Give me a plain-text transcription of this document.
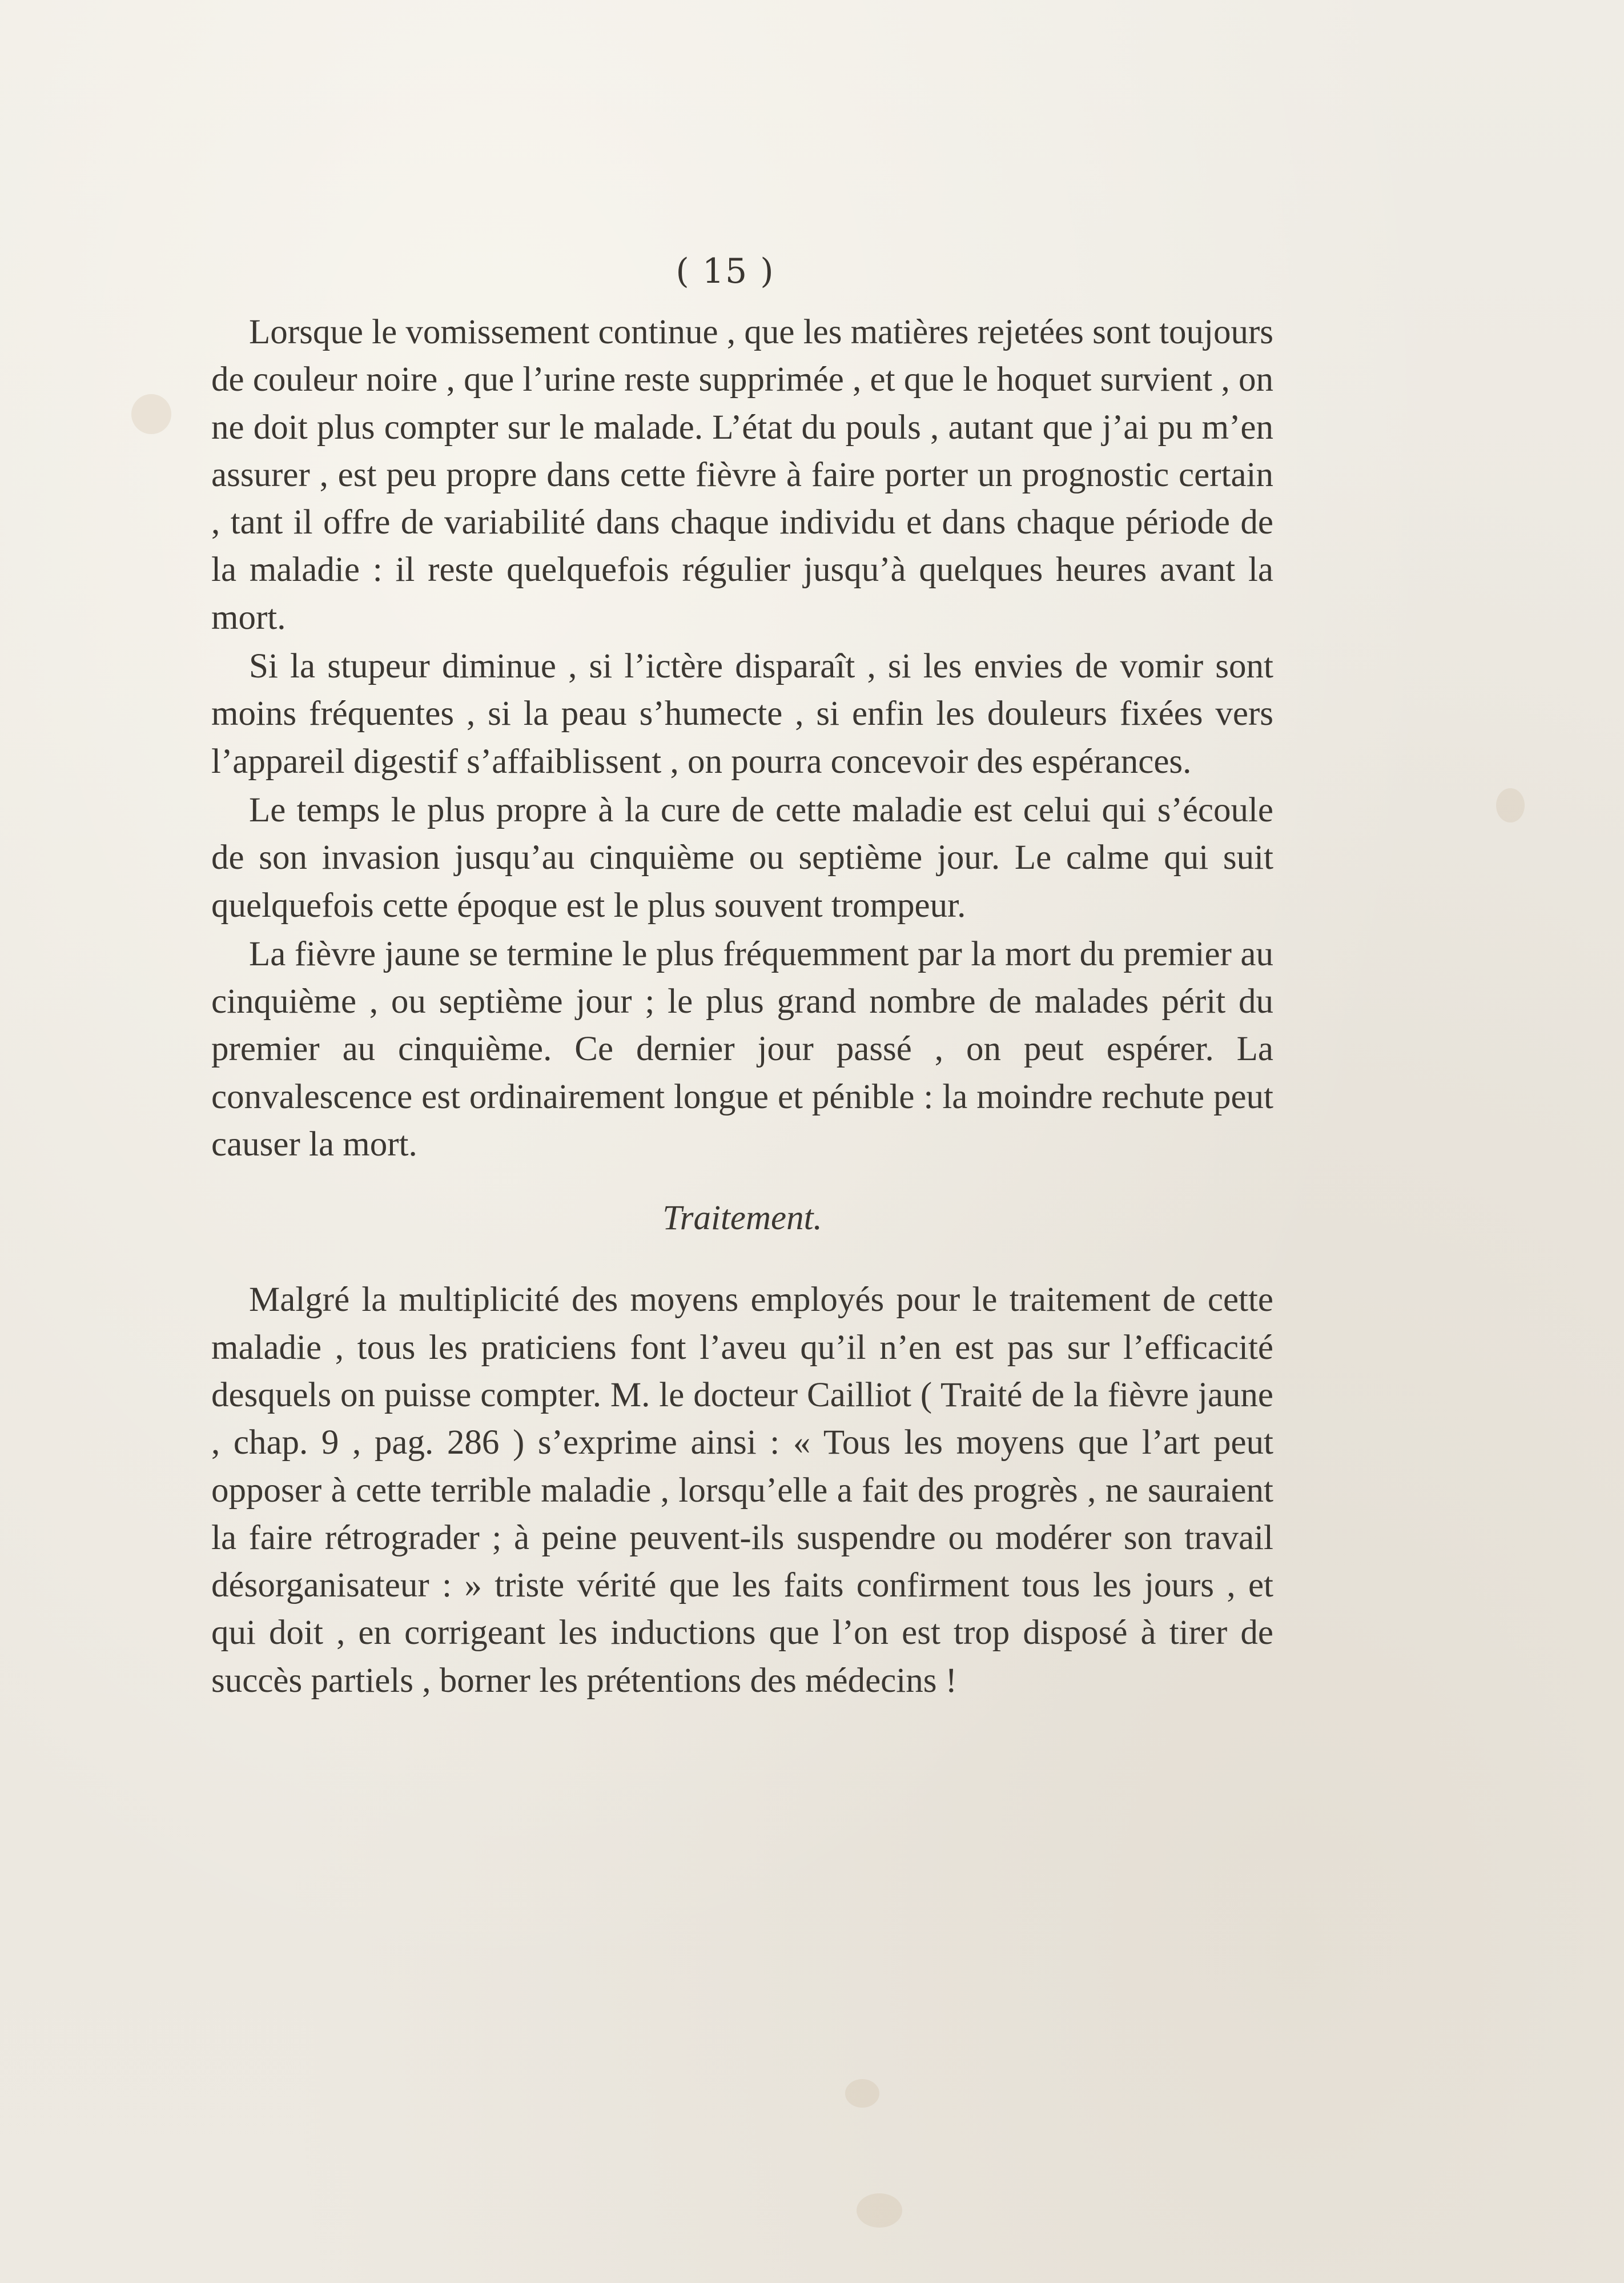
( 15 )

Lorsque le vomissement continue , que les matières rejetées sont toujours de couleur noire , que l’urine reste supprimée , et que le hoquet survient , on ne doit plus compter sur le malade. L’état du pouls , autant que j’ai pu m’en assurer , est peu propre dans cette fièvre à faire porter un prognostic certain , tant il offre de variabilité dans chaque individu et dans chaque période de la maladie : il reste quelquefois régulier jusqu’à quelques heures avant la mort.

Si la stupeur diminue , si l’ictère disparaît , si les envies de vomir sont moins fréquentes , si la peau s’humecte , si enfin les douleurs fixées vers l’appareil digestif s’affaiblissent , on pourra concevoir des espérances.

Le temps le plus propre à la cure de cette maladie est celui qui s’écoule de son invasion jusqu’au cinquième ou septième jour. Le calme qui suit quelquefois cette époque est le plus souvent trompeur.

La fièvre jaune se termine le plus fréquemment par la mort du premier au cinquième , ou septième jour ; le plus grand nombre de malades périt du premier au cinquième. Ce dernier jour passé , on peut espérer. La convalescence est ordinairement longue et pénible : la moindre rechute peut causer la mort.

Traitement.

Malgré la multiplicité des moyens employés pour le traitement de cette maladie , tous les praticiens font l’aveu qu’il n’en est pas sur l’efficacité desquels on puisse compter. M. le docteur Cailliot ( Traité de la fièvre jaune , chap. 9 , pag. 286 ) s’exprime ainsi : « Tous les moyens que l’art peut opposer à cette terrible maladie , lorsqu’elle a fait des progrès , ne sauraient la faire rétrograder ; à peine peuvent-ils suspendre ou modérer son travail désorganisateur : » triste vérité que les faits confirment tous les jours , et qui doit , en corrigeant les inductions que l’on est trop disposé à tirer de succès partiels , borner les prétentions des médecins !
